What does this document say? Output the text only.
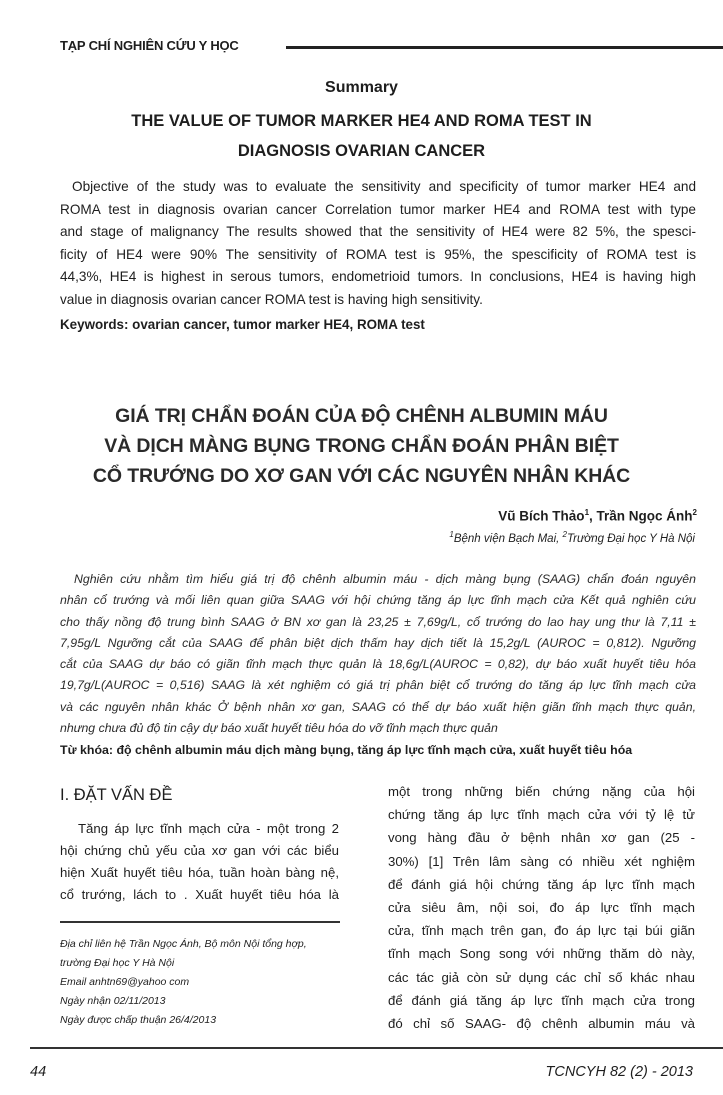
TẠP CHÍ NGHIÊN CỨU Y HỌC
Summary
THE VALUE OF TUMOR MARKER HE4 AND ROMA TEST IN
DIAGNOSIS OVARIAN CANCER
Objective of the study was to evaluate the sensitivity and specificity of tumor marker HE4 and
ROMA test in diagnosis ovarian cancer Correlation tumor marker HE4 and ROMA test with type
and stage of malignancy The results showed that the sensitivity of HE4 were 82 5%, the spesci-
ficity of HE4 were 90% The sensitivity of ROMA test is 95%, the spescificity of ROMA test is
44,3%, HE4 is highest in serous tumors, endometrioid tumors. In conclusions, HE4 is having high
value in diagnosis ovarian cancer ROMA test is having high sensitivity.
Keywords: ovarian cancer, tumor marker HE4, ROMA test
GIÁ TRỊ CHẨN ĐOÁN CỦA ĐỘ CHÊNH ALBUMIN MÁU
VÀ DỊCH MÀNG BỤNG TRONG CHẨN ĐOÁN PHÂN BIỆT
CỔ TRƯỚNG DO XƠ GAN VỚI CÁC NGUYÊN NHÂN KHÁC
Vũ Bích Thảo$^1$, Trần Ngọc Ánh$^2$
$^1$Bệnh viện Bạch Mai, $^2$Trường Đại học Y Hà Nội
Nghiên cứu nhằm tìm hiểu giá trị độ chênh albumin máu - dịch màng bụng (SAAG) chẩn đoán nguyên
nhân cổ trướng và mối liên quan giữa SAAG với hội chứng tăng áp lực tĩnh mạch cửa Kết quả nghiên cứu
cho thấy nồng độ trung bình SAAG ở BN xơ gan là 23,25 ± 7,69g/L, cổ trướng do lao hay ung thư là 7,11 ±
7,95g/L Ngưỡng cắt của SAAG để phân biệt dịch thấm hay dịch tiết là 15,2g/L (AUROC = 0,812). Ngưỡng
cắt của SAAG dự báo có giãn tĩnh mạch thực quản là 18,6g/L(AUROC = 0,82), dự báo xuất huyết tiêu hóa
19,7g/L(AUROC = 0,516) SAAG là xét nghiệm có giá trị phân biệt cổ trướng do tăng áp lực tĩnh mạch cửa
và các nguyên nhân khác Ở bệnh nhân xơ gan, SAAG có thể dự báo xuất hiện giãn tĩnh mạch thực quản,
nhưng chưa đủ độ tin cậy dự báo xuất huyết tiêu hóa do vỡ tĩnh mạch thực quản
Từ khóa: độ chênh albumin máu dịch màng bụng, tăng áp lực tĩnh mạch cửa, xuất huyết tiêu hóa
I. ĐẶT VẤN ĐỀ
Tăng áp lực tĩnh mạch cửa - một trong 2
hội chứng chủ yếu của xơ gan với các biểu
hiện Xuất huyết tiêu hóa, tuần hoàn bàng nệ,
cổ trướng, lách to . Xuất huyết tiêu hóa là
Địa chỉ liên hệ Trần Ngọc Ánh, Bộ môn Nội tổng hợp,
trường Đại học Y Hà Nội
Email anhtn69@yahoo com
Ngày nhận 02/11/2013
Ngày được chấp thuận 26/4/2013
một trong những biến chứng nặng của hội
chứng tăng áp lực tĩnh mạch cửa với tỷ lệ tử
vong hàng đầu ở bệnh nhân xơ gan (25 -
30%) [1] Trên lâm sàng có nhiều xét nghiệm
để đánh giá hội chứng tăng áp lực tĩnh mạch
cửa siêu âm, nội soi, đo áp lực tĩnh mạch
cửa, tĩnh mạch trên gan, đo áp lực tại búi giãn
tĩnh mạch Song song với những thăm dò này,
các tác giả còn sử dụng các chỉ số khác nhau
để đánh giá tăng áp lực tĩnh mạch cửa trong
đó chỉ số SAAG- độ chênh albumin máu và
44	TCNCYH 82 (2) - 2013
